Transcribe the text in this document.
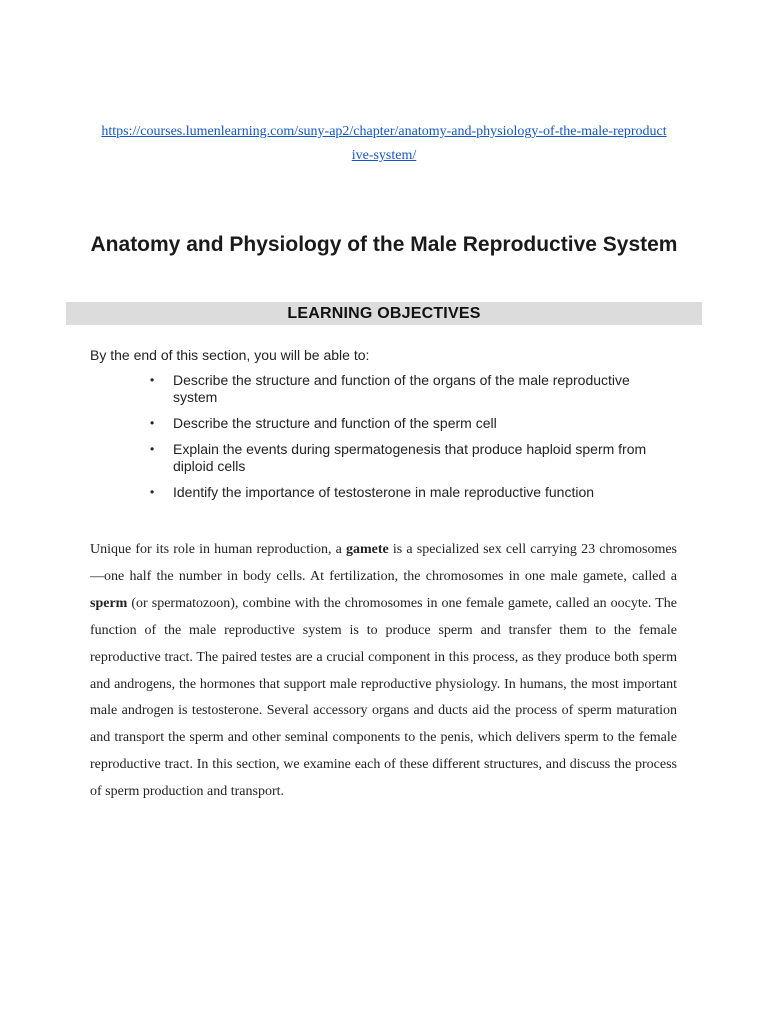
https://courses.lumenlearning.com/suny-ap2/chapter/anatomy-and-physiology-of-the-male-reproductive-system/
Anatomy and Physiology of the Male Reproductive System
LEARNING OBJECTIVES

By the end of this section, you will be able to:

• Describe the structure and function of the organs of the male reproductive system
• Describe the structure and function of the sperm cell
• Explain the events during spermatogenesis that produce haploid sperm from diploid cells
• Identify the importance of testosterone in male reproductive function

Unique for its role in human reproduction, a gamete is a specialized sex cell carrying 23 chromosomes—one half the number in body cells. At fertilization, the chromosomes in one male gamete, called a sperm (or spermatozoon), combine with the chromosomes in one female gamete, called an oocyte. The function of the male reproductive system is to produce sperm and transfer them to the female reproductive tract. The paired testes are a crucial component in this process, as they produce both sperm and androgens, the hormones that support male reproductive physiology. In humans, the most important male androgen is testosterone. Several accessory organs and ducts aid the process of sperm maturation and transport the sperm and other seminal components to the penis, which delivers sperm to the female reproductive tract. In this section, we examine each of these different structures, and discuss the process of sperm production and transport.
